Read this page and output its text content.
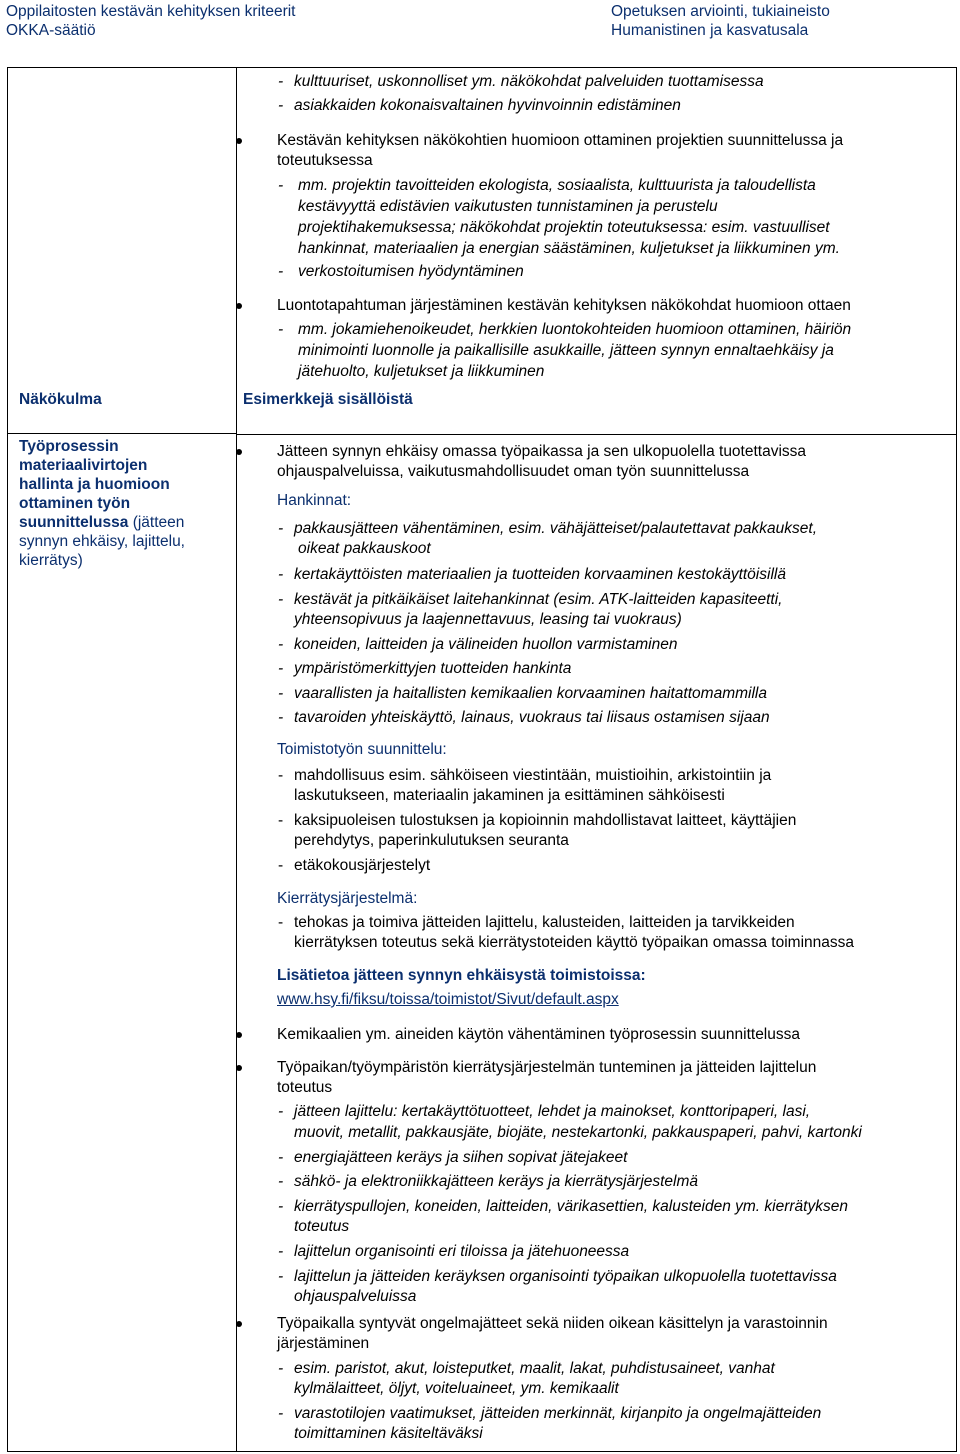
Oppilaitosten kestävän kehityksen kriteerit
OKKA-säätiö
Opetuksen arviointi, tukiaineisto
Humanistinen ja kasvatusala
Näkökulma
Työprosessin
materiaalivirtojen
hallinta ja huomioon
ottaminen työn
suunnittelussa (jätteen
synnyn ehkäisy, lajittelu,
kierrätys)
- kulttuuriset, uskonnolliset ym. näkökohdat palveluiden tuottamisessa
- asiakkaiden kokonaisvaltainen hyvinvoinnin edistäminen
Kestävän kehityksen näkökohtien huomioon ottaminen projektien suunnittelussa ja
toteutuksessa
- mm. projektin tavoitteiden ekologista, sosiaalista, kulttuurista ja taloudellista
kestävyyttä edistävien vaikutusten tunnistaminen ja perustelu
projektihakemuksessa; näkökohdat projektin toteutuksessa: esim. vastuulliset
hankinnat, materiaalien ja energian säästäminen, kuljetukset ja liikkuminen ym.
- verkostoitumisen hyödyntäminen
Luontotapahtuman järjestäminen kestävän kehityksen näkökohdat huomioon ottaen
- mm. jokamiehenoikeudet, herkkien luontokohteiden huomioon ottaminen, häiriön
minimointi luonnolle ja paikallisille asukkaille, jätteen synnyn ennaltaehkäisy ja
jätehuolto, kuljetukset ja liikkuminen
Esimerkkejä sisällöistä
Jätteen synnyn ehkäisy omassa työpaikassa ja sen ulkopuolella tuotettavissa
ohjauspalveluissa, vaikutusmahdollisuudet oman työn suunnittelussa
Hankinnat:
- pakkausjätteen vähentäminen, esim. vähäjätteiset/palautettavat pakkaukset,
oikeat pakkauskoot
- kertakäyttöisten materiaalien ja tuotteiden korvaaminen kestokäyttöisillä
- kestävät ja pitkäikäiset laitehankinnat (esim. ATK-laitteiden kapasiteetti,
yhteensopivuus ja laajennettavuus, leasing tai vuokraus)
- koneiden, laitteiden ja välineiden huollon varmistaminen
- ympäristömerkittyjen tuotteiden hankinta
- vaarallisten ja haitallisten kemikaalien korvaaminen haitattomammilla
- tavaroiden yhteiskäyttö, lainaus, vuokraus tai liisaus ostamisen sijaan
Toimistotyön suunnittelu:
- mahdollisuus esim. sähköiseen viestintään, muistioihin, arkistointiin ja
laskutukseen, materiaalin jakaminen ja esittäminen sähköisesti
- kaksipuoleisen tulostuksen ja kopioinnin mahdollistavat laitteet, käyttäjien
perehdytys, paperinkulutuksen seuranta
- etäkokousjärjestelyt
Kierrätysjärjestelmä:
- tehokas ja toimiva jätteiden lajittelu, kalusteiden, laitteiden ja tarvikkeiden
kierrätyksen toteutus sekä kierrätystoteiden käyttö työpaikan omassa toiminnassa
Lisätietoa jätteen synnyn ehkäisystä toimistoissa:
www.hsy.fi/fiksu/toissa/toimistot/Sivut/default.aspx
Kemikaalien ym. aineiden käytön vähentäminen työprosessin suunnittelussa
Työpaikan/työympäristön kierrätysjärjestelmän tunteminen ja jätteiden lajittelun
toteutus
- jätteen lajittelu: kertakäyttötuotteet, lehdet ja mainokset, konttoripaperi, lasi,
muovit, metallit, pakkausjäte, biojäte, nestekartonki, pakkauspaperi, pahvi, kartonki
- energiajätteen keräys ja siihen sopivat jätejakeet
- sähkö- ja elektroniikkajätteen keräys ja kierrätysjärjestelmä
- kierrätyspullojen, koneiden, laitteiden, värikasettien, kalusteiden ym. kierrätyksen
toteutus
- lajittelun organisointi eri tiloissa ja jätehuoneessa
- lajittelun ja jätteiden keräyksen organisointi työpaikan ulkopuolella tuotettavissa
ohjauspalveluissa
Työpaikalla syntyvät ongelmajätteet sekä niiden oikean käsittelyn ja varastoinnin
järjestäminen
- esim. paristot, akut, loisteputket, maalit, lakat, puhdistusaineet, vanhat
kylmälaitteet, öljyt, voiteluaineet, ym. kemikaalit
- varastotilojen vaatimukset, jätteiden merkinnät, kirjanpito ja ongelmajätteiden
toimittaminen käsiteltäväksi
